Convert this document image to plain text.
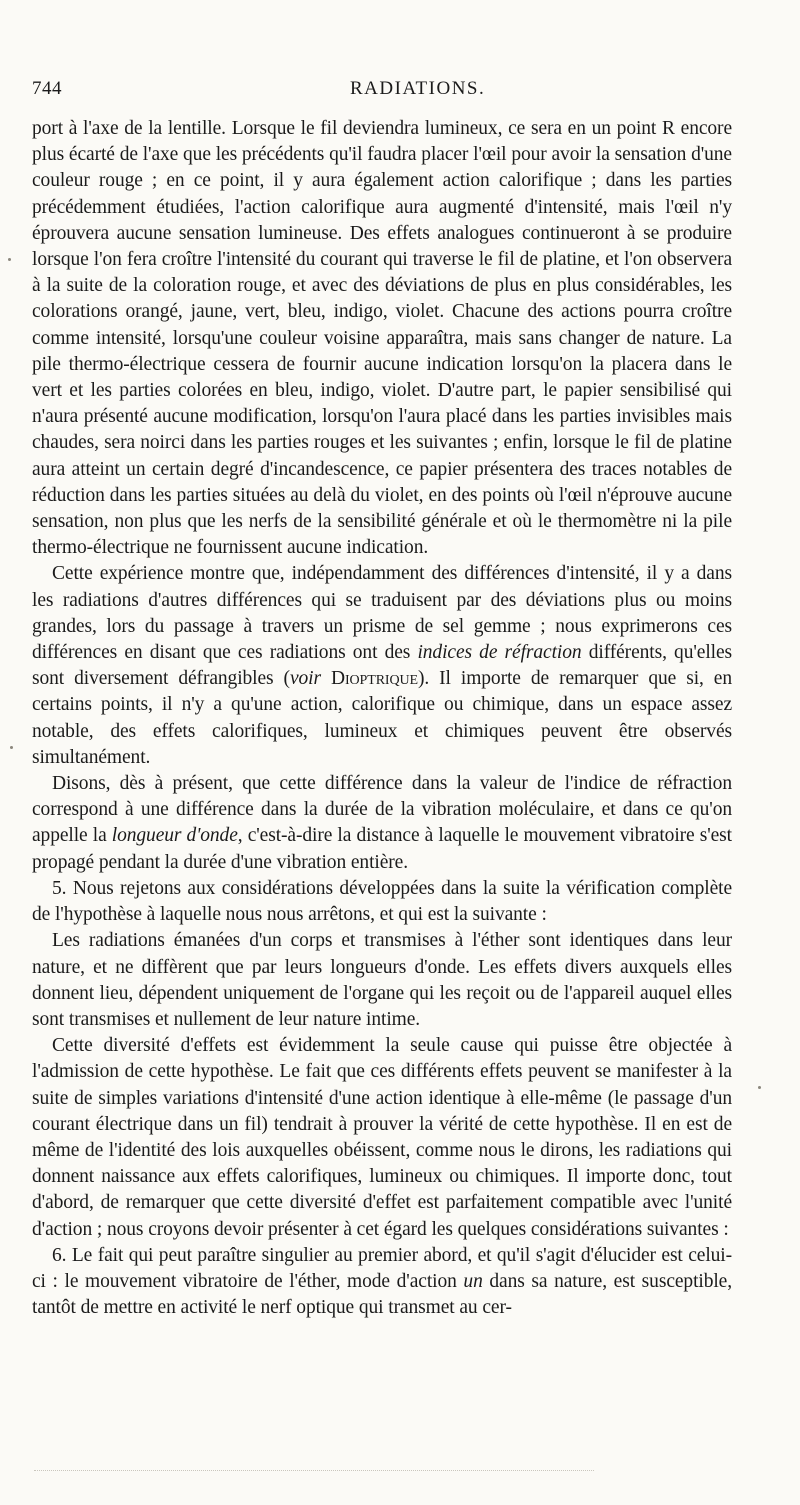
744	RADIATIONS.

port à l'axe de la lentille. Lorsque le fil deviendra lumineux, ce sera en un point R encore plus écarté de l'axe que les précédents qu'il faudra placer l'œil pour avoir la sensation d'une couleur rouge ; en ce point, il y aura également action calorifique ; dans les parties précédemment étudiées, l'action calorifique aura augmenté d'intensité, mais l'œil n'y éprouvera aucune sensation lumineuse. Des effets analogues continueront à se produire lorsque l'on fera croître l'intensité du courant qui traverse le fil de platine, et l'on observera à la suite de la coloration rouge, et avec des déviations de plus en plus considérables, les colorations orangé, jaune, vert, bleu, indigo, violet. Chacune des actions pourra croître comme intensité, lorsqu'une couleur voisine apparaîtra, mais sans changer de nature. La pile thermo-électrique cessera de fournir aucune indication lorsqu'on la placera dans le vert et les parties colorées en bleu, indigo, violet. D'autre part, le papier sensibilisé qui n'aura présenté aucune modification, lorsqu'on l'aura placé dans les parties invisibles mais chaudes, sera noirci dans les parties rouges et les suivantes ; enfin, lorsque le fil de platine aura atteint un certain degré d'incandescence, ce papier présentera des traces notables de réduction dans les parties situées au delà du violet, en des points où l'œil n'éprouve aucune sensation, non plus que les nerfs de la sensibilité générale et où le thermomètre ni la pile thermo-électrique ne fournissent aucune indication.

Cette expérience montre que, indépendamment des différences d'intensité, il y a dans les radiations d'autres différences qui se traduisent par des déviations plus ou moins grandes, lors du passage à travers un prisme de sel gemme ; nous exprimerons ces différences en disant que ces radiations ont des indices de réfraction différents, qu'elles sont diversement défrangibles (voir Dioptrique). Il importe de remarquer que si, en certains points, il n'y a qu'une action, calorifique ou chimique, dans un espace assez notable, des effets calorifiques, lumineux et chimiques peuvent être observés simultanément.

Disons, dès à présent, que cette différence dans la valeur de l'indice de réfraction correspond à une différence dans la durée de la vibration moléculaire, et dans ce qu'on appelle la longueur d'onde, c'est-à-dire la distance à laquelle le mouvement vibratoire s'est propagé pendant la durée d'une vibration entière.

5. Nous rejetons aux considérations développées dans la suite la vérification complète de l'hypothèse à laquelle nous nous arrêtons, et qui est la suivante :

Les radiations émanées d'un corps et transmises à l'éther sont identiques dans leur nature, et ne diffèrent que par leurs longueurs d'onde. Les effets divers auxquels elles donnent lieu, dépendent uniquement de l'organe qui les reçoit ou de l'appareil auquel elles sont transmises et nullement de leur nature intime.

Cette diversité d'effets est évidemment la seule cause qui puisse être objectée à l'admission de cette hypothèse. Le fait que ces différents effets peuvent se manifester à la suite de simples variations d'intensité d'une action identique à elle-même (le passage d'un courant électrique dans un fil) tendrait à prouver la vérité de cette hypothèse. Il en est de même de l'identité des lois auxquelles obéissent, comme nous le dirons, les radiations qui donnent naissance aux effets calorifiques, lumineux ou chimiques. Il importe donc, tout d'abord, de remarquer que cette diversité d'effet est parfaitement compatible avec l'unité d'action ; nous croyons devoir présenter à cet égard les quelques considérations suivantes :

6. Le fait qui peut paraître singulier au premier abord, et qu'il s'agit d'élucider est celui-ci : le mouvement vibratoire de l'éther, mode d'action un dans sa nature, est susceptible, tantôt de mettre en activité le nerf optique qui transmet au cer-
